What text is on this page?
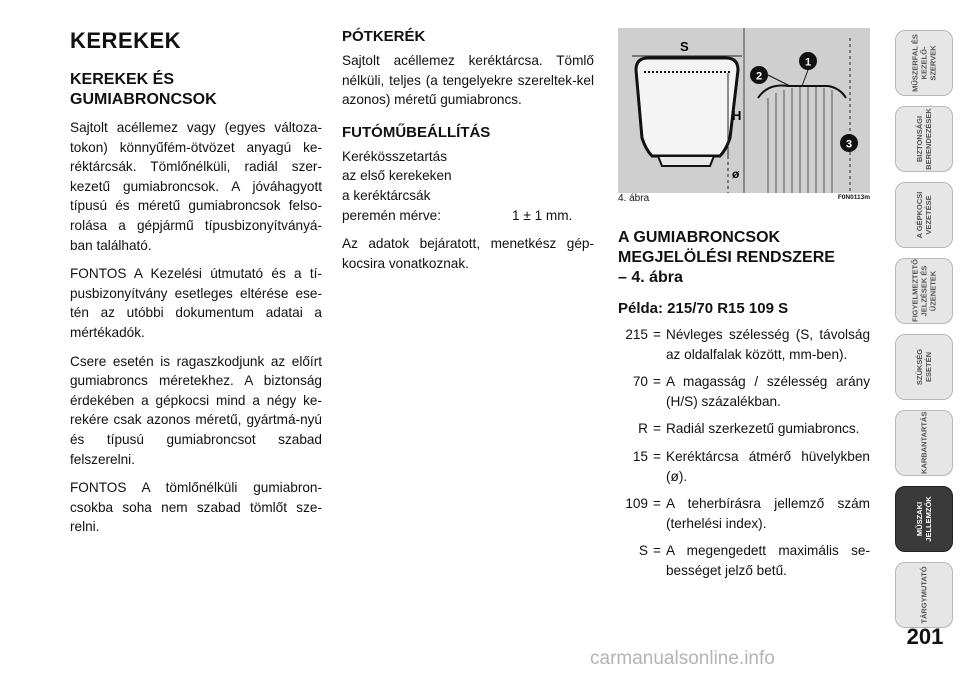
KEREKEK
KEREKEK ÉS
GUMIABRONCSOK

Sajtolt acéllemez vagy (egyes változa-tokon) könnyűfém-ötvözet anyagú ke-réktárcsák. Tömlőnélküli, radiál szer-kezetű gumiabroncsok. A jóváhagyott típusú és méretű gumiabroncsok felso-rolása a gépjármű típusbizonyítványá-ban található.

FONTOS A Kezelési útmutató és a tí-pusbizonyítvány esetleges eltérése ese-tén az utóbbi dokumentum adatai a mértékadók.

Csere esetén is ragaszkodjunk az előírt gumiabroncs méretekhez. A biztonság érdekében a gépkocsi mind a négy ke-rekére csak azonos méretű, gyártmá-nyú és típusú gumiabroncsot szabad felszerelni.

FONTOS A tömlőnélküli gumiabron-csokba soha nem szabad tömlőt sze-relni.

PÓTKERÉK

Sajtolt acéllemez keréktárcsa. Tömlő nélküli, teljes (a tengelyekre szereltek-kel azonos) méretű gumiabroncs.

FUTÓMŰBEÁLLÍTÁS
Kerékösszetartás
az első kerekeken
a keréktárcsák
peremén mérve:	1 ± 1 mm.

Az adatok bejáratott, menetkész gép-kocsira vonatkoznak.

S
H
ø
1
2
3
4. ábra	F0N0113m
A GUMIABRONCSOK
MEGJELÖLÉSI RENDSZERE
– 4. ábra
Példa: 215/70 R15 109 S
215 = Névleges szélesség (S, távolság az oldalfalak között, mm-ben).
70 = A magasság / szélesség arány (H/S) százalékban.
R = Radiál szerkezetű gumiabroncs.
15 = Keréktárcsa átmérő hüvelykben (ø).
109 = A teherbírásra jellemző szám (terhelési index).
S = A megengedett maximális se-bességet jelző betű.
MŰSZERFAL ÉS KEZELŐ-SZERVEK
BIZTONSÁGI BERENDEZÉSEK
A GÉPKOCSI VEZETÉSE
FIGYELMEZTETŐ JELZÉSEK ÉS ÜZENETEK
SZÜKSÉG ESETÉN
KARBANTARTÁS
MŰSZAKI JELLEMZŐK
TÁRGYMUTATÓ
201
carmanualsonline.info
